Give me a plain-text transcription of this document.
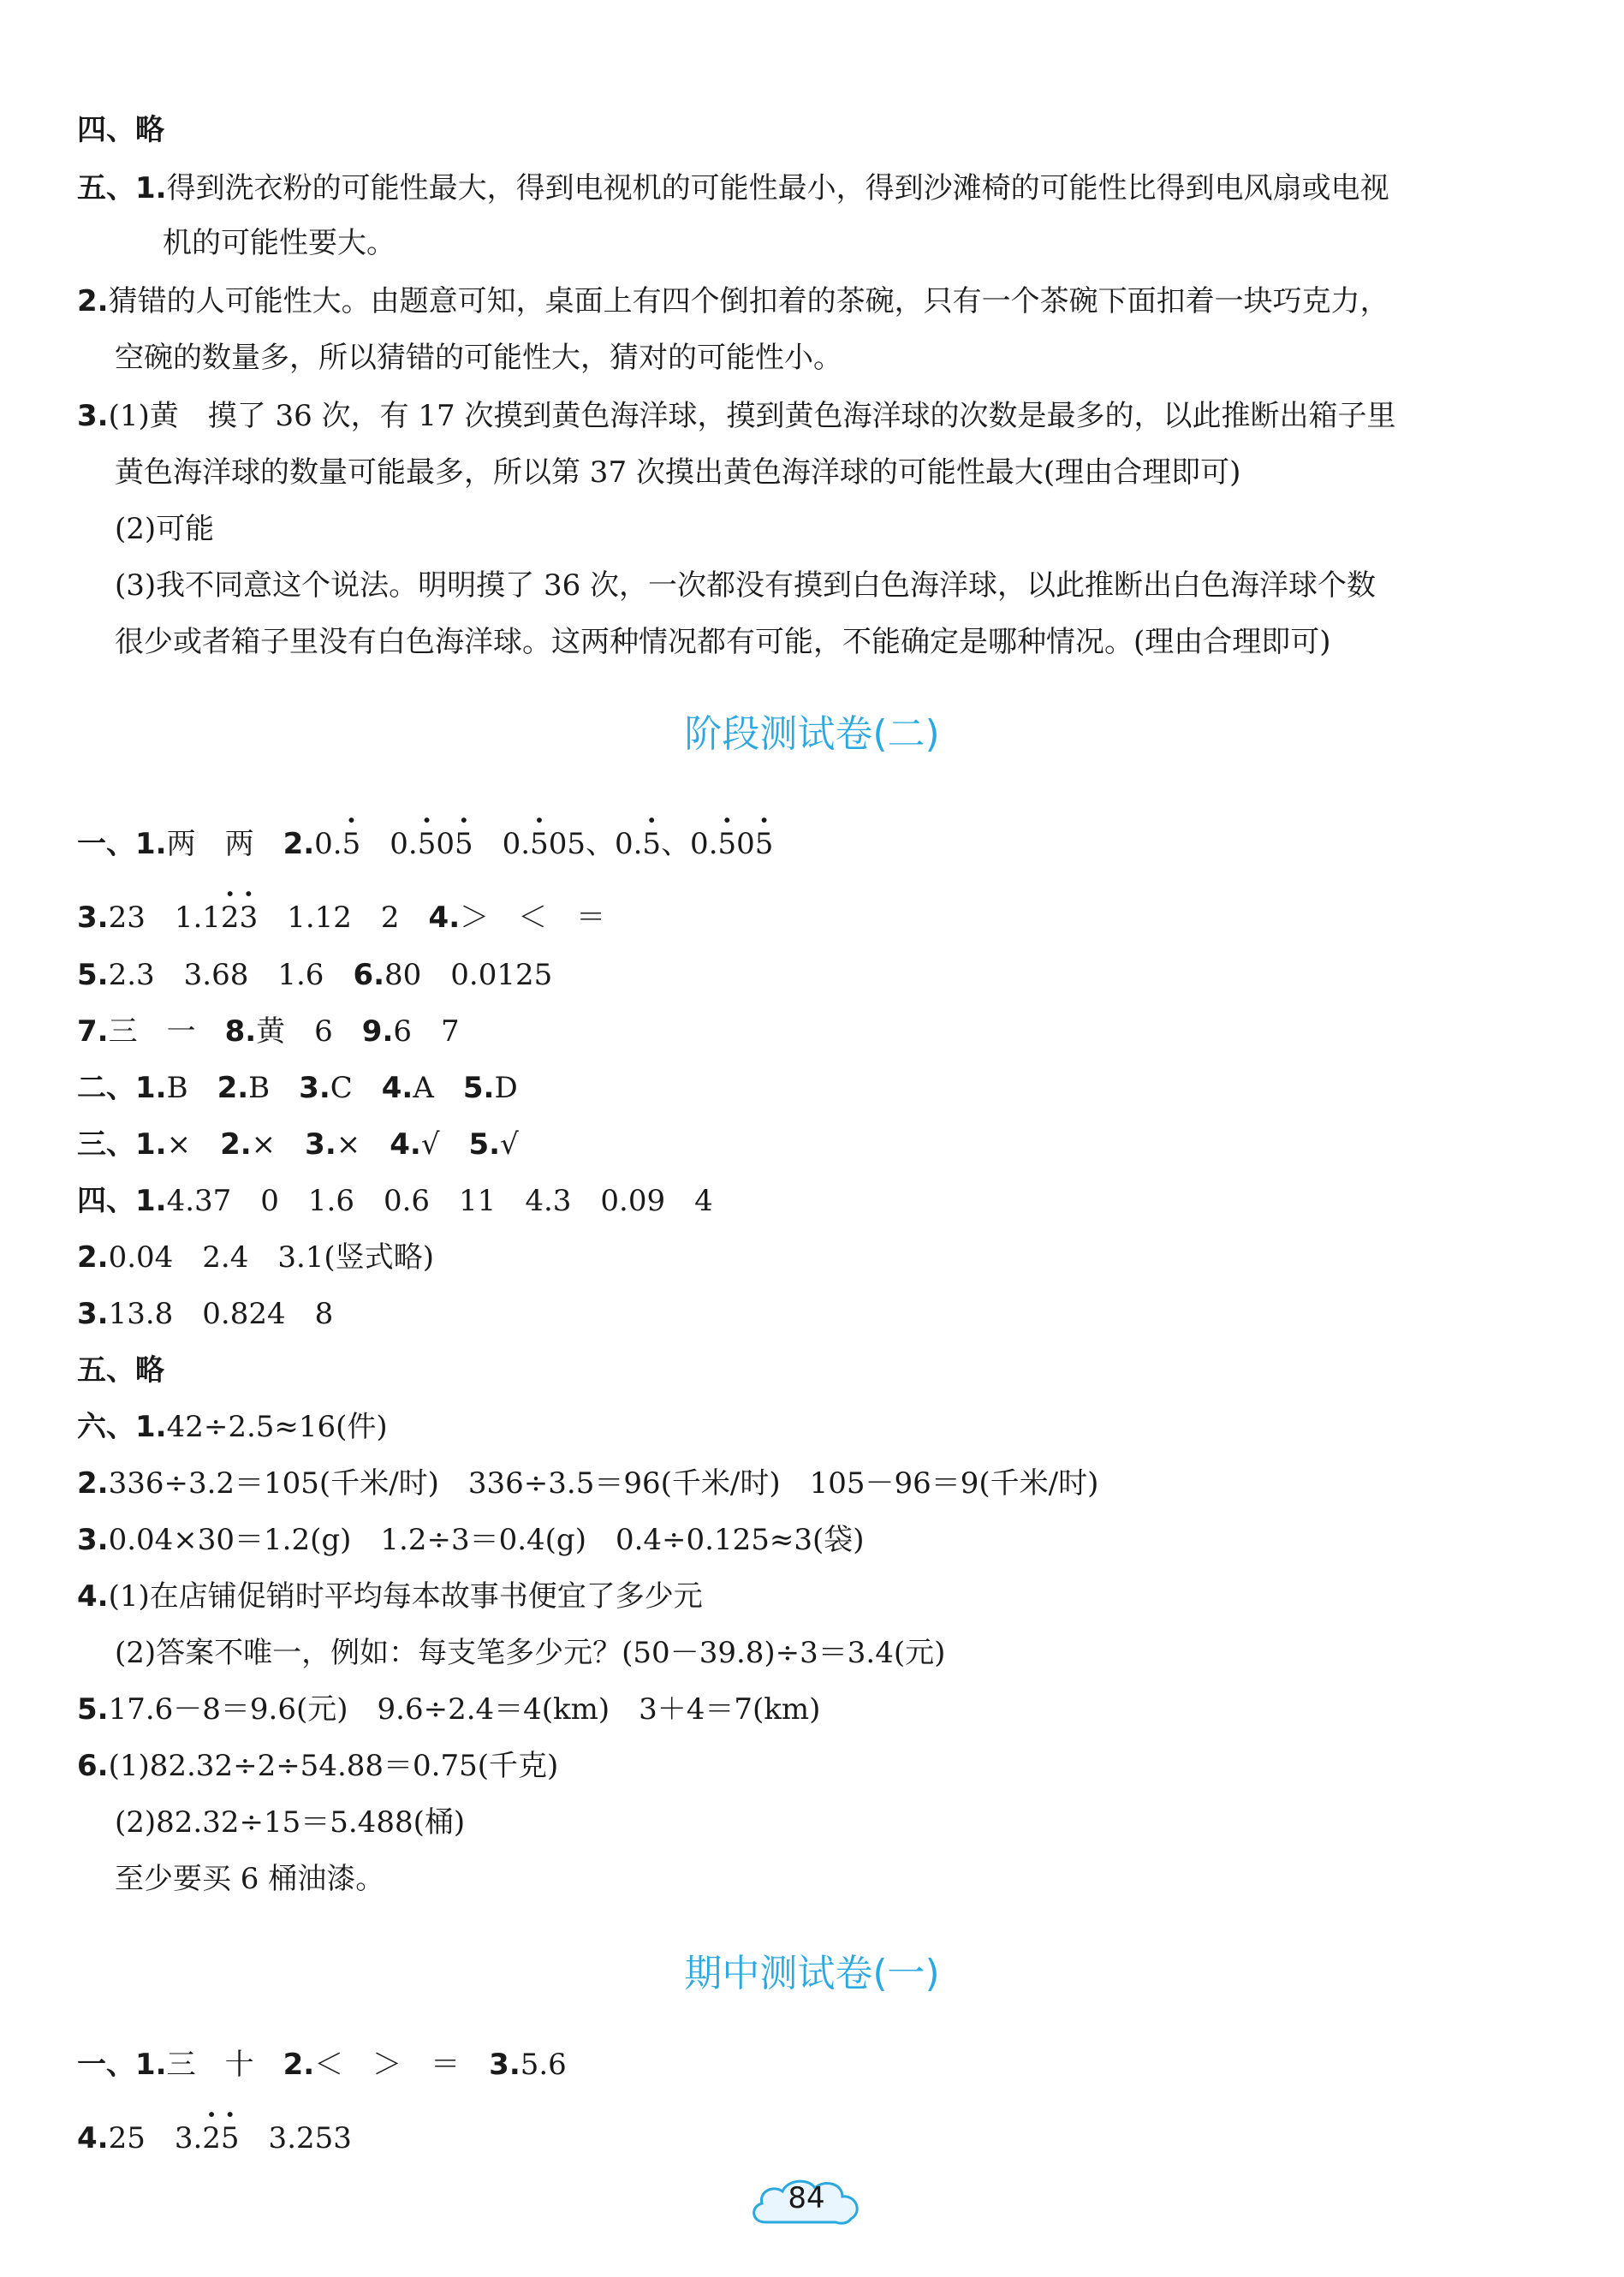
四、略
五、1.得到洗衣粉的可能性最大，得到电视机的可能性最小，得到沙滩椅的可能性比得到电风扇或电视
机的可能性要大。
2.猜错的人可能性大。由题意可知，桌面上有四个倒扣着的茶碗，只有一个茶碗下面扣着一块巧克力，
空碗的数量多，所以猜错的可能性大，猜对的可能性小。
3.(1)黄　摸了 36 次，有 17 次摸到黄色海洋球，摸到黄色海洋球的次数是最多的，以此推断出箱子里
黄色海洋球的数量可能最多，所以第 37 次摸出黄色海洋球的可能性最大(理由合理即可)
(2)可能
(3)我不同意这个说法。明明摸了 36 次，一次都没有摸到白色海洋球，以此推断出白色海洋球个数
很少或者箱子里没有白色海洋球。这两种情况都有可能，不能确定是哪种情况。(理由合理即可)
阶段测试卷(二)
一、1.两　两　 2.0.· 5　0.· 50· 5　0.· 505、0.· 5、0.· 50· 5
3.23　1.1· 2· 3　1.12　2　 4.＞　＜　＝
5.2.3　3.68　1.6　 6.80　0.0125
7.三　一　 8.黄　6　 9.6　7
二、1.B　 2.B　 3.C　 4.A　 5.D
三、1.×　 2.×　 3.×　 4.√　 5.√
四、1.4.37　0　1.6　0.6　11　4.3　0.09　4
2.0.04　2.4　3.1(竖式略)
3.13.8　0.824　8
五、略
六、1.42÷2.5≈16(件)
2.336÷3.2＝105(千米/时)　336÷3.5＝96(千米/时)　105－96＝9(千米/时)
3.0.04×30＝1.2(g)　1.2÷3＝0.4(g)　0.4÷0.125≈3(袋)
4.(1)在店铺促销时平均每本故事书便宜了多少元
(2)答案不唯一，例如：每支笔多少元？(50－39.8)÷3＝3.4(元)
5.17.6－8＝9.6(元)　9.6÷2.4＝4(km)　3＋4＝7(km)
6.(1)82.32÷2÷54.88＝0.75(千克)
(2)82.32÷15＝5.488(桶)
至少要买 6 桶油漆。
期中测试卷(一)
一、1.三　十　 2.＜　＞　＝　 3.5.6
4.25　3.· 2· 5　3.253
84
